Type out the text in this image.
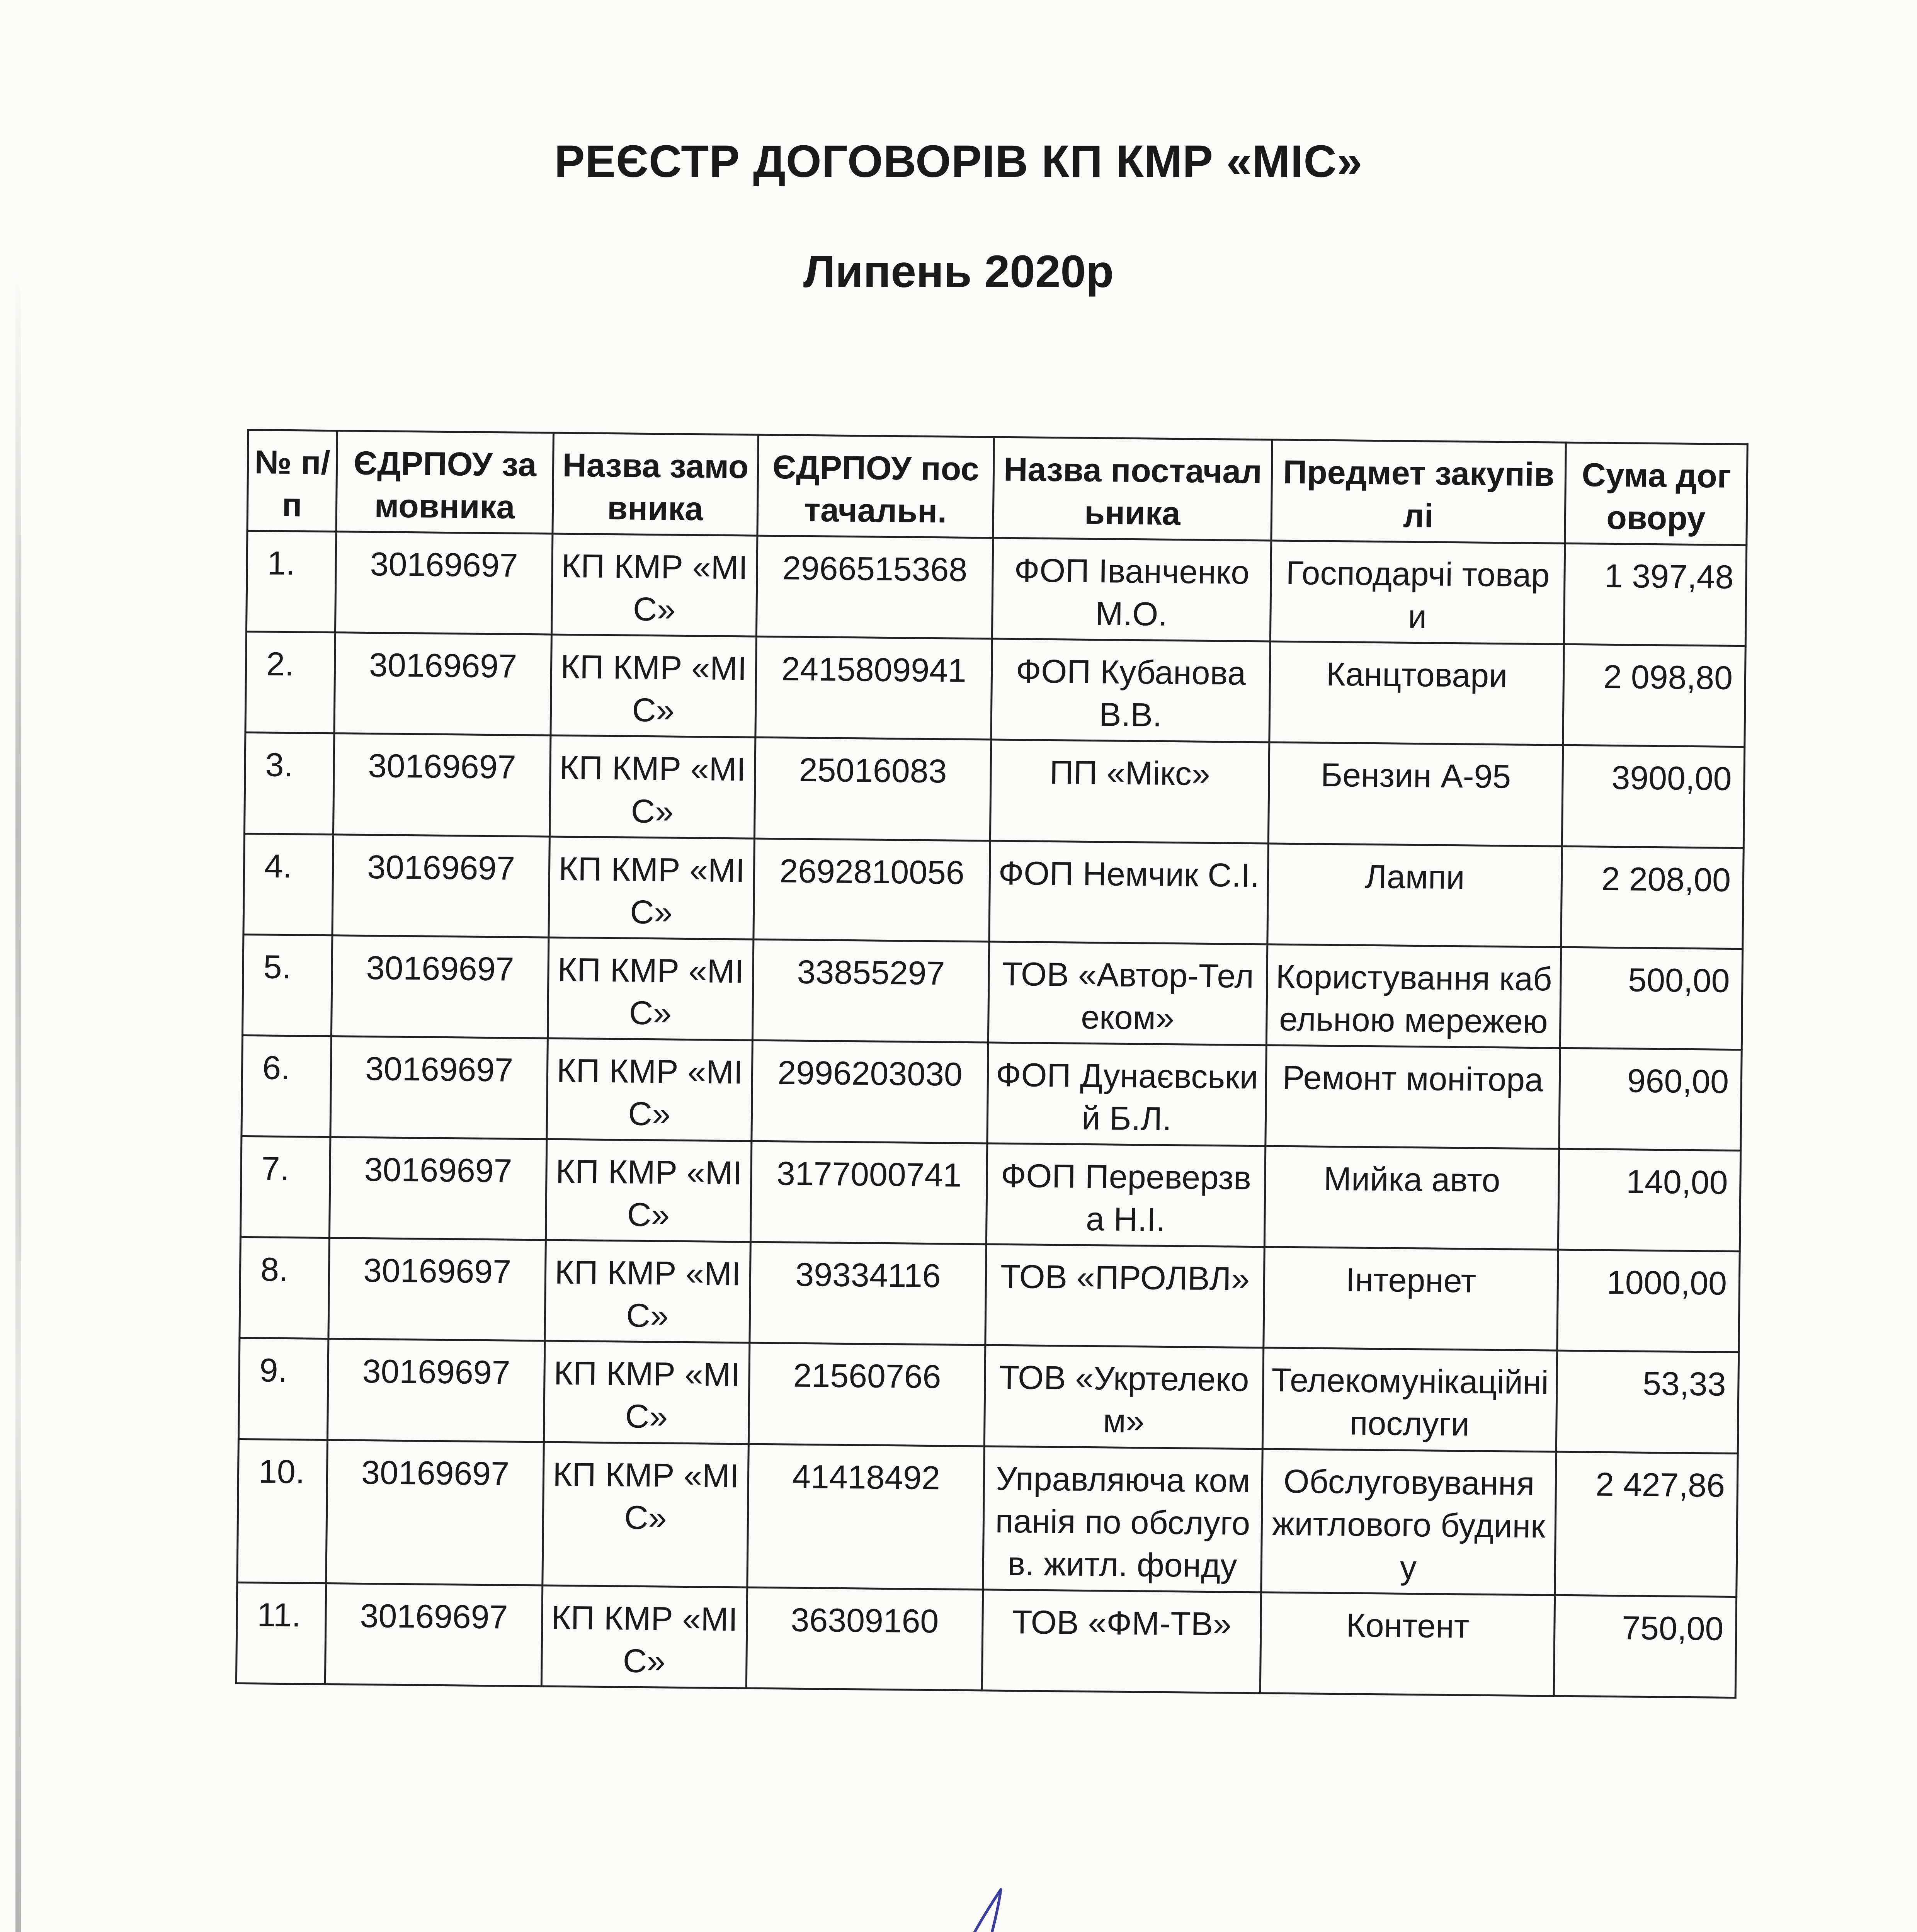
РЕЄСТР ДОГОВОРІВ КП КМР «МІС»
Липень 2020р
№ п/п	ЄДРПОУ замовника	Назва замовника	ЄДРПОУ постачальн.	Назва постачальника	Предмет закупівлі	Сума договору
1.	30169697	КП КМР «МІС»	2966515368	ФОП Іванченко М.О.	Господарчі товари	1 397,48
2.	30169697	КП КМР «МІС»	2415809941	ФОП Кубанова В.В.	Канцтовари	2 098,80
3.	30169697	КП КМР «МІС»	25016083	ПП «Мікс»	Бензин А-95	3900,00
4.	30169697	КП КМР «МІС»	2692810056	ФОП Немчик С.І.	Лампи	2 208,00
5.	30169697	КП КМР «МІС»	33855297	ТОВ «Автор-Телеком»	Користування кабельною мережею	500,00
6.	30169697	КП КМР «МІС»	2996203030	ФОП Дунаєвський Б.Л.	Ремонт монітора	960,00
7.	30169697	КП КМР «МІС»	3177000741	ФОП Переверзва Н.І.	Мийка авто	140,00
8.	30169697	КП КМР «МІС»	39334116	ТОВ «ПРОЛВЛ»	Інтернет	1000,00
9.	30169697	КП КМР «МІС»	21560766	ТОВ «Укртелеком»	Телекомунікаційні послуги	53,33
10.	30169697	КП КМР «МІС»	41418492	Управляюча компанія по обслугов. житл. фонду	Обслуговування житлового будинку	2 427,86
11.	30169697	КП КМР «МІС»	36309160	ТОВ «ФМ-ТВ»	Контент	750,00
